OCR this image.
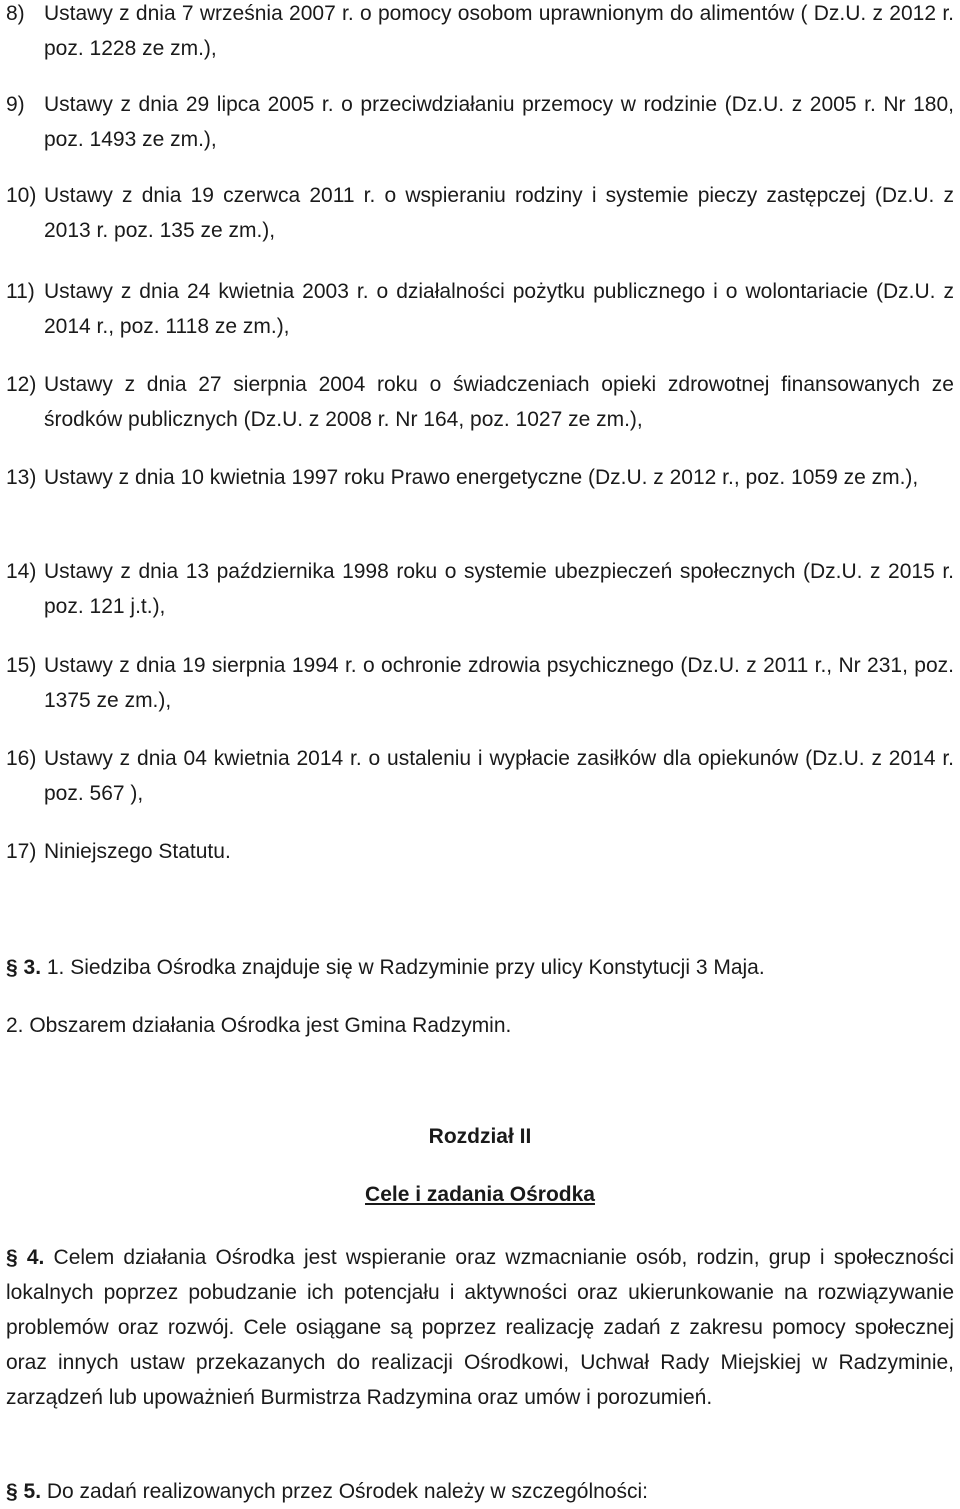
8) Ustawy z dnia 7 września 2007 r. o pomocy osobom uprawnionym do alimentów ( Dz.U. z 2012 r. poz. 1228 ze zm.),
9) Ustawy z dnia 29 lipca 2005 r. o przeciwdziałaniu przemocy w rodzinie (Dz.U. z 2005 r. Nr 180, poz. 1493 ze zm.),
10) Ustawy z dnia 19 czerwca 2011 r. o wspieraniu rodziny i systemie pieczy zastępczej (Dz.U. z 2013 r. poz. 135 ze zm.),
11) Ustawy z dnia 24 kwietnia 2003 r. o działalności pożytku publicznego i o wolontariacie (Dz.U. z 2014 r., poz. 1118 ze zm.),
12) Ustawy z dnia 27 sierpnia 2004 roku o świadczeniach opieki zdrowotnej finansowanych ze środków publicznych (Dz.U. z 2008 r. Nr 164, poz. 1027 ze zm.),
13) Ustawy z dnia 10 kwietnia 1997 roku Prawo energetyczne (Dz.U. z 2012 r., poz. 1059 ze zm.),
14) Ustawy z dnia 13 października 1998 roku o systemie ubezpieczeń społecznych (Dz.U. z 2015 r. poz. 121 j.t.),
15) Ustawy z dnia 19 sierpnia 1994 r. o ochronie zdrowia psychicznego (Dz.U. z 2011 r., Nr 231, poz. 1375 ze zm.),
16) Ustawy z dnia 04 kwietnia 2014 r. o ustaleniu i wypłacie zasiłków dla opiekunów (Dz.U. z 2014 r. poz. 567 ),
17) Niniejszego Statutu.
§ 3. 1. Siedziba Ośrodka znajduje się w Radzyminie przy ulicy Konstytucji 3 Maja.
2. Obszarem działania Ośrodka jest Gmina Radzymin.
Rozdział II
Cele i zadania Ośrodka
§ 4. Celem działania Ośrodka jest wspieranie oraz wzmacnianie osób, rodzin, grup i społeczności lokalnych poprzez pobudzanie ich potencjału i aktywności oraz ukierunkowanie na rozwiązywanie problemów oraz rozwój. Cele osiągane są poprzez realizację zadań z zakresu pomocy społecznej oraz innych ustaw przekazanych do realizacji Ośrodkowi, Uchwał Rady Miejskiej w Radzyminie, zarządzeń lub upoważnień Burmistrza Radzymina oraz umów i porozumień.
§ 5. Do zadań realizowanych przez Ośrodek należy w szczególności:
